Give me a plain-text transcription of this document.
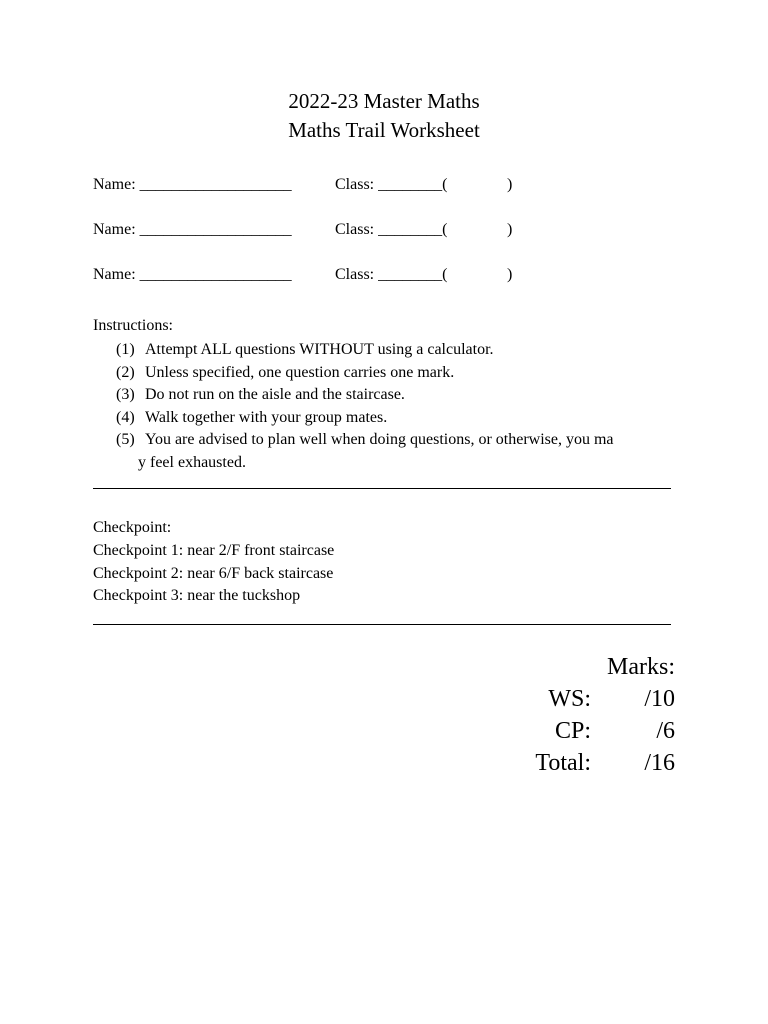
2022-23 Master Maths
Maths Trail Worksheet
Name: ___________________	Class: ________(	)
Name: ___________________	Class: ________(	)
Name: ___________________	Class: ________(	)
Instructions:
(1) Attempt ALL questions WITHOUT using a calculator.
(2) Unless specified, one question carries one mark.
(3) Do not run on the aisle and the staircase.
(4) Walk together with your group mates.
(5) You are advised to plan well when doing questions, or otherwise, you ma
y feel exhausted.
Checkpoint:
Checkpoint 1: near 2/F front staircase
Checkpoint 2: near 6/F back staircase
Checkpoint 3: near the tuckshop
Marks:
WS: /10
CP:	/6
Total: /16
